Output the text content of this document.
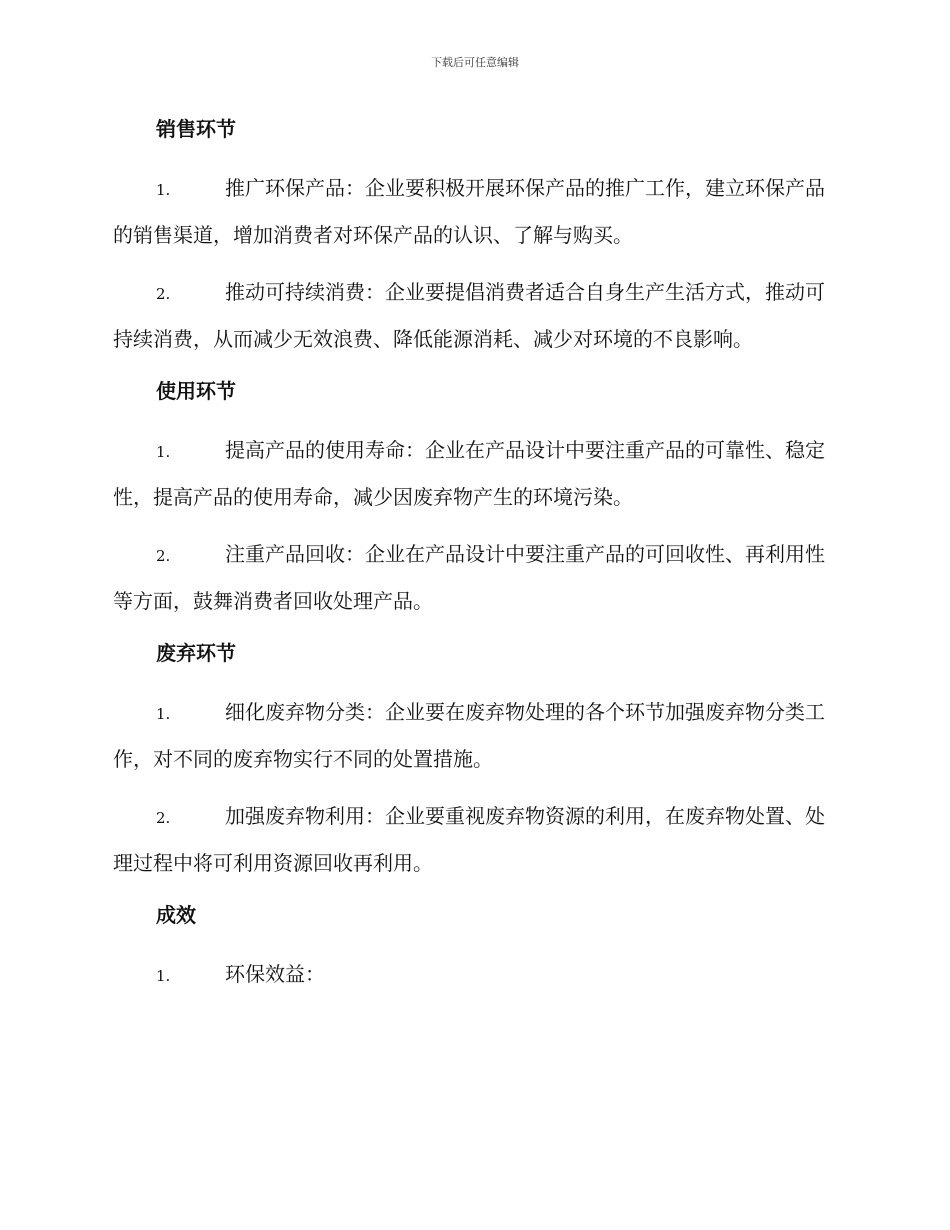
下载后可任意编辑
销售环节
1.	推广环保产品：企业要积极开展环保产品的推广工作，建立环保产品的销售渠道，增加消费者对环保产品的认识、了解与购买。
2.	推动可持续消费：企业要提倡消费者适合自身生产生活方式，推动可持续消费，从而减少无效浪费、降低能源消耗、减少对环境的不良影响。
使用环节
1.	提高产品的使用寿命：企业在产品设计中要注重产品的可靠性、稳定性，提高产品的使用寿命，减少因废弃物产生的环境污染。
2.	注重产品回收：企业在产品设计中要注重产品的可回收性、再利用性等方面，鼓舞消费者回收处理产品。
废弃环节
1.	细化废弃物分类：企业要在废弃物处理的各个环节加强废弃物分类工作，对不同的废弃物实行不同的处置措施。
2.	加强废弃物利用：企业要重视废弃物资源的利用，在废弃物处置、处理过程中将可利用资源回收再利用。
成效
1.	环保效益：
